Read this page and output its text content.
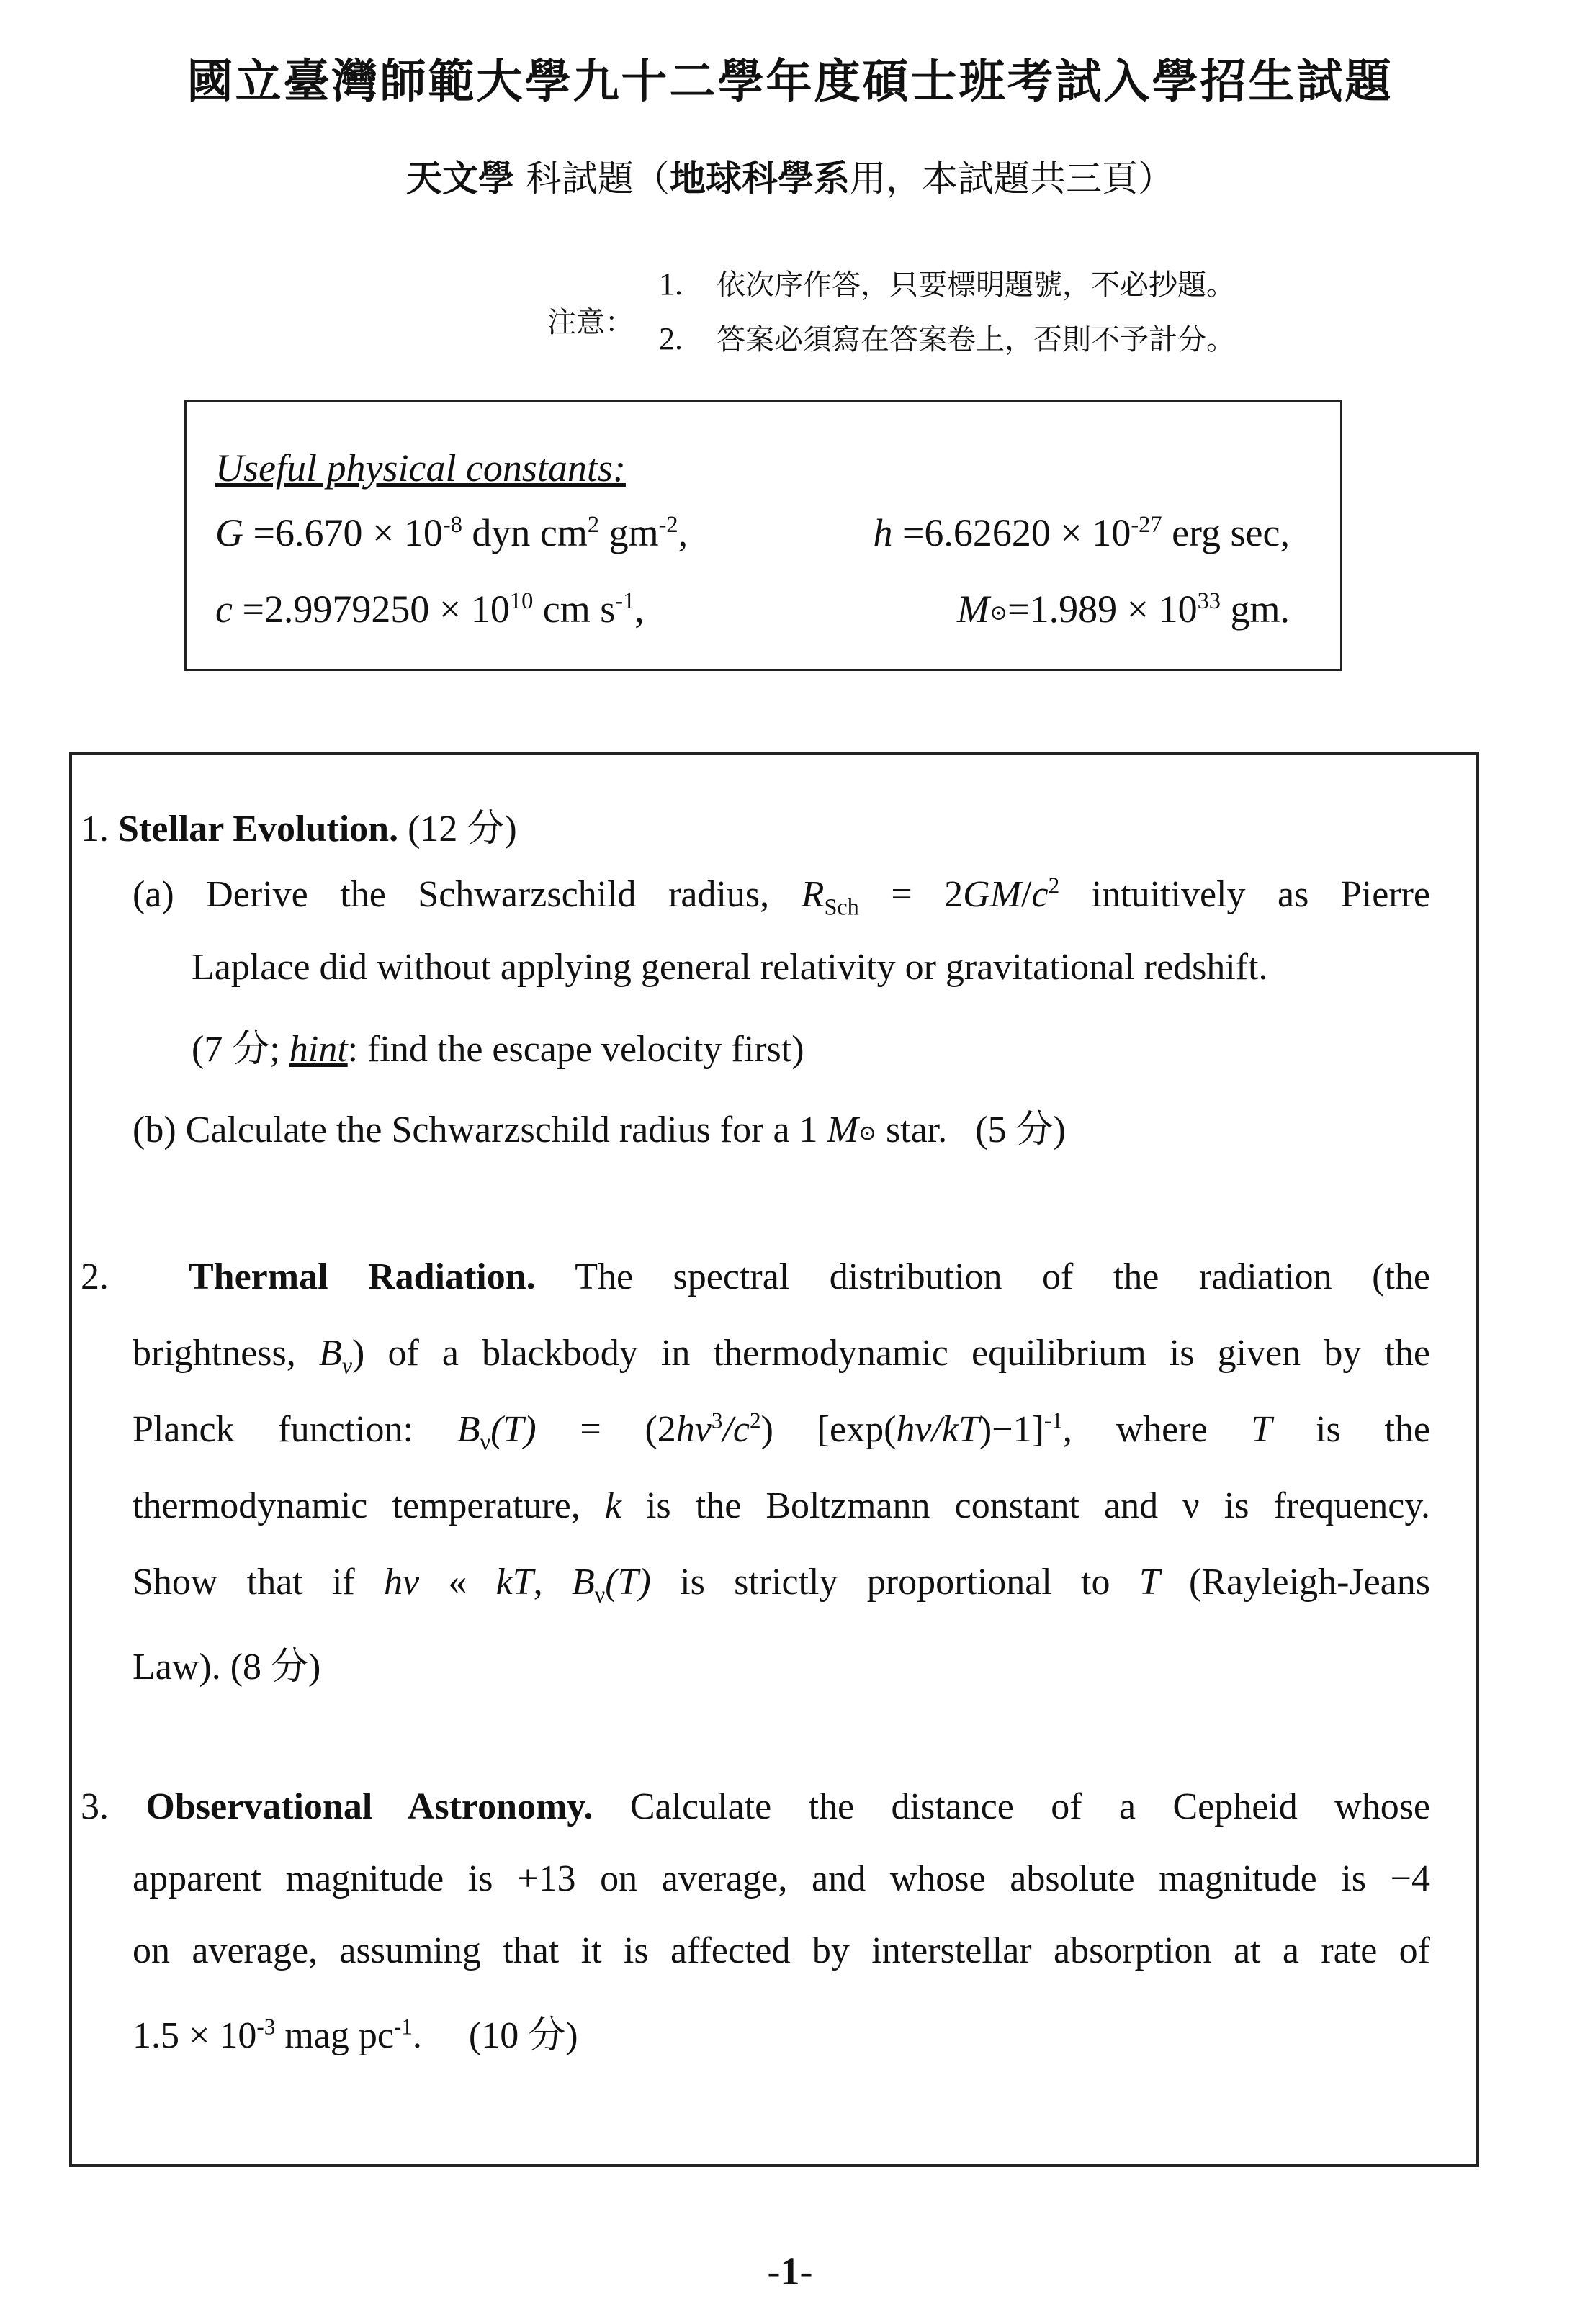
國立臺灣師範大學九十二學年度碩士班考試入學招生試題
天文學 科試題（地球科學系用，本試題共三頁）
注意：
1. 依次序作答，只要標明題號，不必抄題。
2. 答案必須寫在答案卷上，否則不予計分。
Useful physical constants:
$G =6.670 \times 10^{-8}$ dyn $cm^2$ $gm^{-2}$,	$h =6.62620 \times 10^{-27}$ erg sec,
$c =2.9979250 \times 10^{10}$ cm $s^{-1}$,	M⊙=1.989 × $10^{33}$ gm.
1. Stellar Evolution. (12 分)
(a) Derive the Schwarzschild radius, $R_{Sch} = 2GM/c^2$ intuitively as Pierre
Laplace did without applying general relativity or gravitational redshift.
(7 分; hint: find the escape velocity first)
(b) Calculate the Schwarzschild radius for a 1 M⊙ star. (5 分)
2. Thermal Radiation. The spectral distribution of the radiation (the
brightness, $B_\nu$) of a blackbody in thermodynamic equilibrium is given by the
Planck function: $B_\nu(T) = (2h\nu^3/c^2)$ $[\exp(h\nu/kT)-1]^{-1}$, where T is the
thermodynamic temperature, k is the Boltzmann constant and ν is frequency.
Show that if hν « kT, $B_\nu(T)$ is strictly proportional to T (Rayleigh-Jeans
Law). (8 分)
3. Observational Astronomy. Calculate the distance of a Cepheid whose
apparent magnitude is +13 on average, and whose absolute magnitude is −4
on average, assuming that it is affected by interstellar absorption at a rate of
$1.5 \times 10^{-3}$ mag $pc^{-1}$. (10 分)
-1-
